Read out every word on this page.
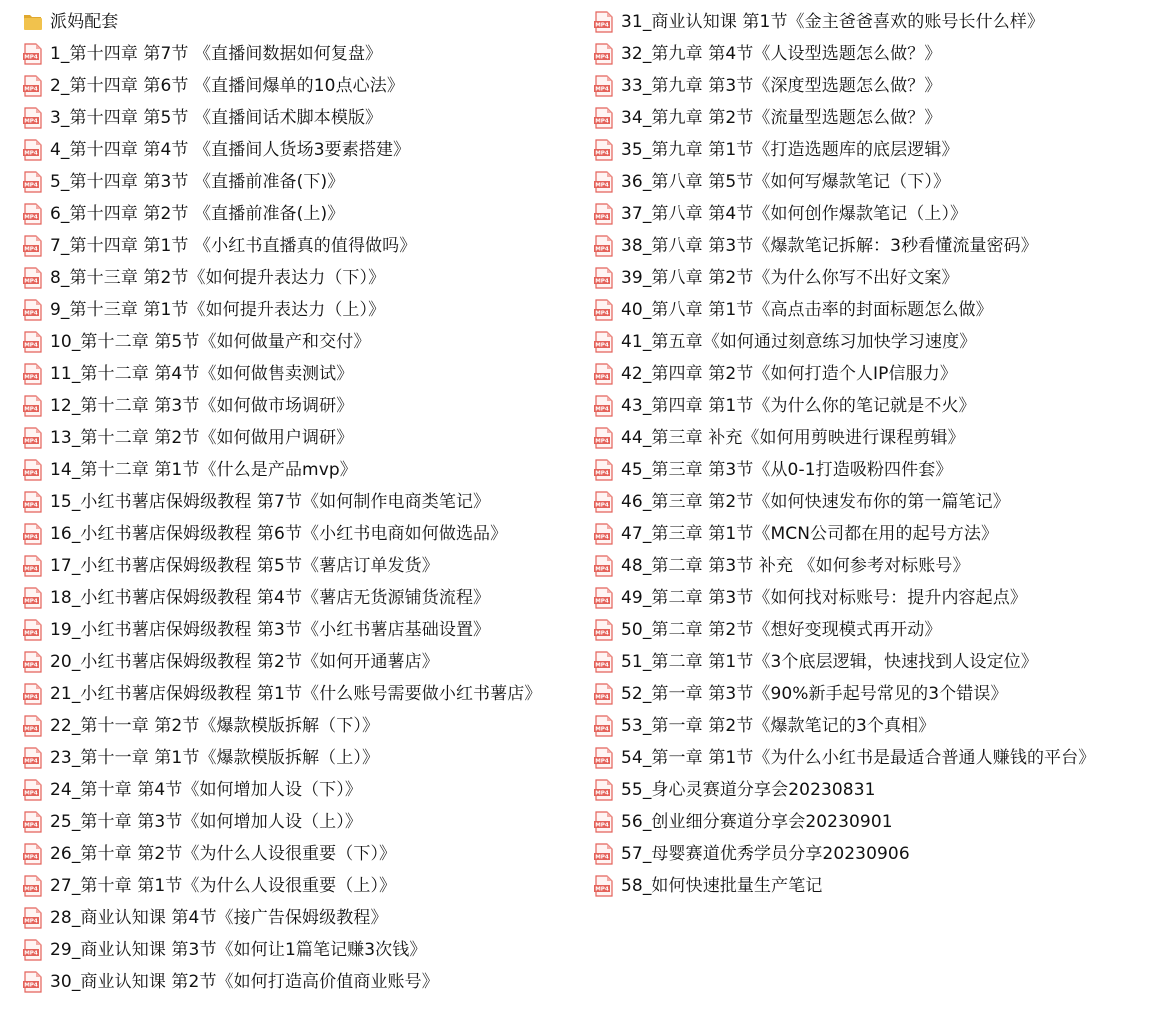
派妈配套
MP4 1_第十四章 第7节 《直播间数据如何复盘》
MP4 2_第十四章 第6节 《直播间爆单的10点心法》
MP4 3_第十四章 第5节 《直播间话术脚本模版》
MP4 4_第十四章 第4节 《直播间人货场3要素搭建》
MP4 5_第十四章 第3节 《直播前准备(下)》
MP4 6_第十四章 第2节 《直播前准备(上)》
MP4 7_第十四章 第1节 《小红书直播真的值得做吗》
MP4 8_第十三章 第2节《如何提升表达力（下）》
MP4 9_第十三章 第1节《如何提升表达力（上）》
MP4 10_第十二章 第5节《如何做量产和交付》
MP4 11_第十二章 第4节《如何做售卖测试》
MP4 12_第十二章 第3节《如何做市场调研》
MP4 13_第十二章 第2节《如何做用户调研》
MP4 14_第十二章 第1节《什么是产品mvp》
MP4 15_小红书薯店保姆级教程 第7节《如何制作电商类笔记》
MP4 16_小红书薯店保姆级教程 第6节《小红书电商如何做选品》
MP4 17_小红书薯店保姆级教程 第5节《薯店订单发货》
MP4 18_小红书薯店保姆级教程 第4节《薯店无货源铺货流程》
MP4 19_小红书薯店保姆级教程 第3节《小红书薯店基础设置》
MP4 20_小红书薯店保姆级教程 第2节《如何开通薯店》
MP4 21_小红书薯店保姆级教程 第1节《什么账号需要做小红书薯店》
MP4 22_第十一章 第2节《爆款模版拆解（下）》
MP4 23_第十一章 第1节《爆款模版拆解（上）》
MP4 24_第十章 第4节《如何增加人设（下）》
MP4 25_第十章 第3节《如何增加人设（上）》
MP4 26_第十章 第2节《为什么人设很重要（下）》
MP4 27_第十章 第1节《为什么人设很重要（上）》
MP4 28_商业认知课 第4节《接广告保姆级教程》
MP4 29_商业认知课 第3节《如何让1篇笔记赚3次钱》
MP4 30_商业认知课 第2节《如何打造高价值商业账号》
MP4 31_商业认知课 第1节《金主爸爸喜欢的账号长什么样》
MP4 32_第九章 第4节《人设型选题怎么做？》
MP4 33_第九章 第3节《深度型选题怎么做？》
MP4 34_第九章 第2节《流量型选题怎么做？》
MP4 35_第九章 第1节《打造选题库的底层逻辑》
MP4 36_第八章 第5节《如何写爆款笔记（下）》
MP4 37_第八章 第4节《如何创作爆款笔记（上）》
MP4 38_第八章 第3节《爆款笔记拆解：3秒看懂流量密码》
MP4 39_第八章 第2节《为什么你写不出好文案》
MP4 40_第八章 第1节《高点击率的封面标题怎么做》
MP4 41_第五章《如何通过刻意练习加快学习速度》
MP4 42_第四章 第2节《如何打造个人IP信服力》
MP4 43_第四章 第1节《为什么你的笔记就是不火》
MP4 44_第三章 补充《如何用剪映进行课程剪辑》
MP4 45_第三章 第3节《从0-1打造吸粉四件套》
MP4 46_第三章 第2节《如何快速发布你的第一篇笔记》
MP4 47_第三章 第1节《MCN公司都在用的起号方法》
MP4 48_第二章 第3节 补充 《如何参考对标账号》
MP4 49_第二章 第3节《如何找对标账号：提升内容起点》
MP4 50_第二章 第2节《想好变现模式再开动》
MP4 51_第二章 第1节《3个底层逻辑，快速找到人设定位》
MP4 52_第一章 第3节《90%新手起号常见的3个错误》
MP4 53_第一章 第2节《爆款笔记的3个真相》
MP4 54_第一章 第1节《为什么小红书是最适合普通人赚钱的平台》
MP4 55_身心灵赛道分享会20230831
MP4 56_创业细分赛道分享会20230901
MP4 57_母婴赛道优秀学员分享20230906
MP4 58_如何快速批量生产笔记
